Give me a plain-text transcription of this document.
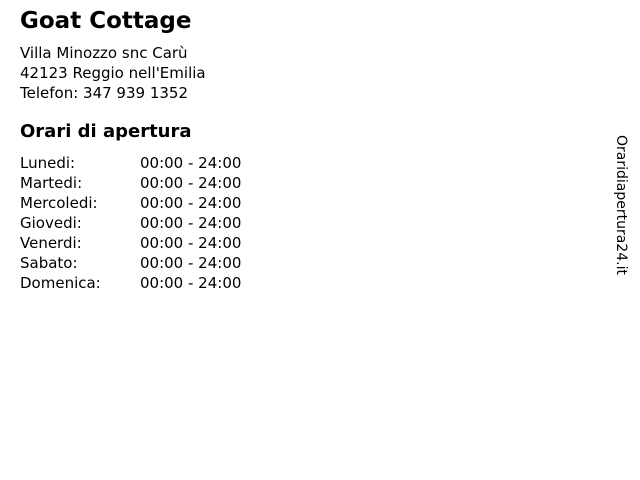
Goat Cottage
Villa Minozzo snc Carù
42123 Reggio nell'Emilia
Telefon: 347 939 1352
Orari di apertura
Lunedi:	00:00 - 24:00
Martedi:	00:00 - 24:00
Mercoledi:	00:00 - 24:00
Giovedi:	00:00 - 24:00
Venerdi:	00:00 - 24:00
Sabato:	00:00 - 24:00
Domenica:	00:00 - 24:00
Oraridiapertura24.it
